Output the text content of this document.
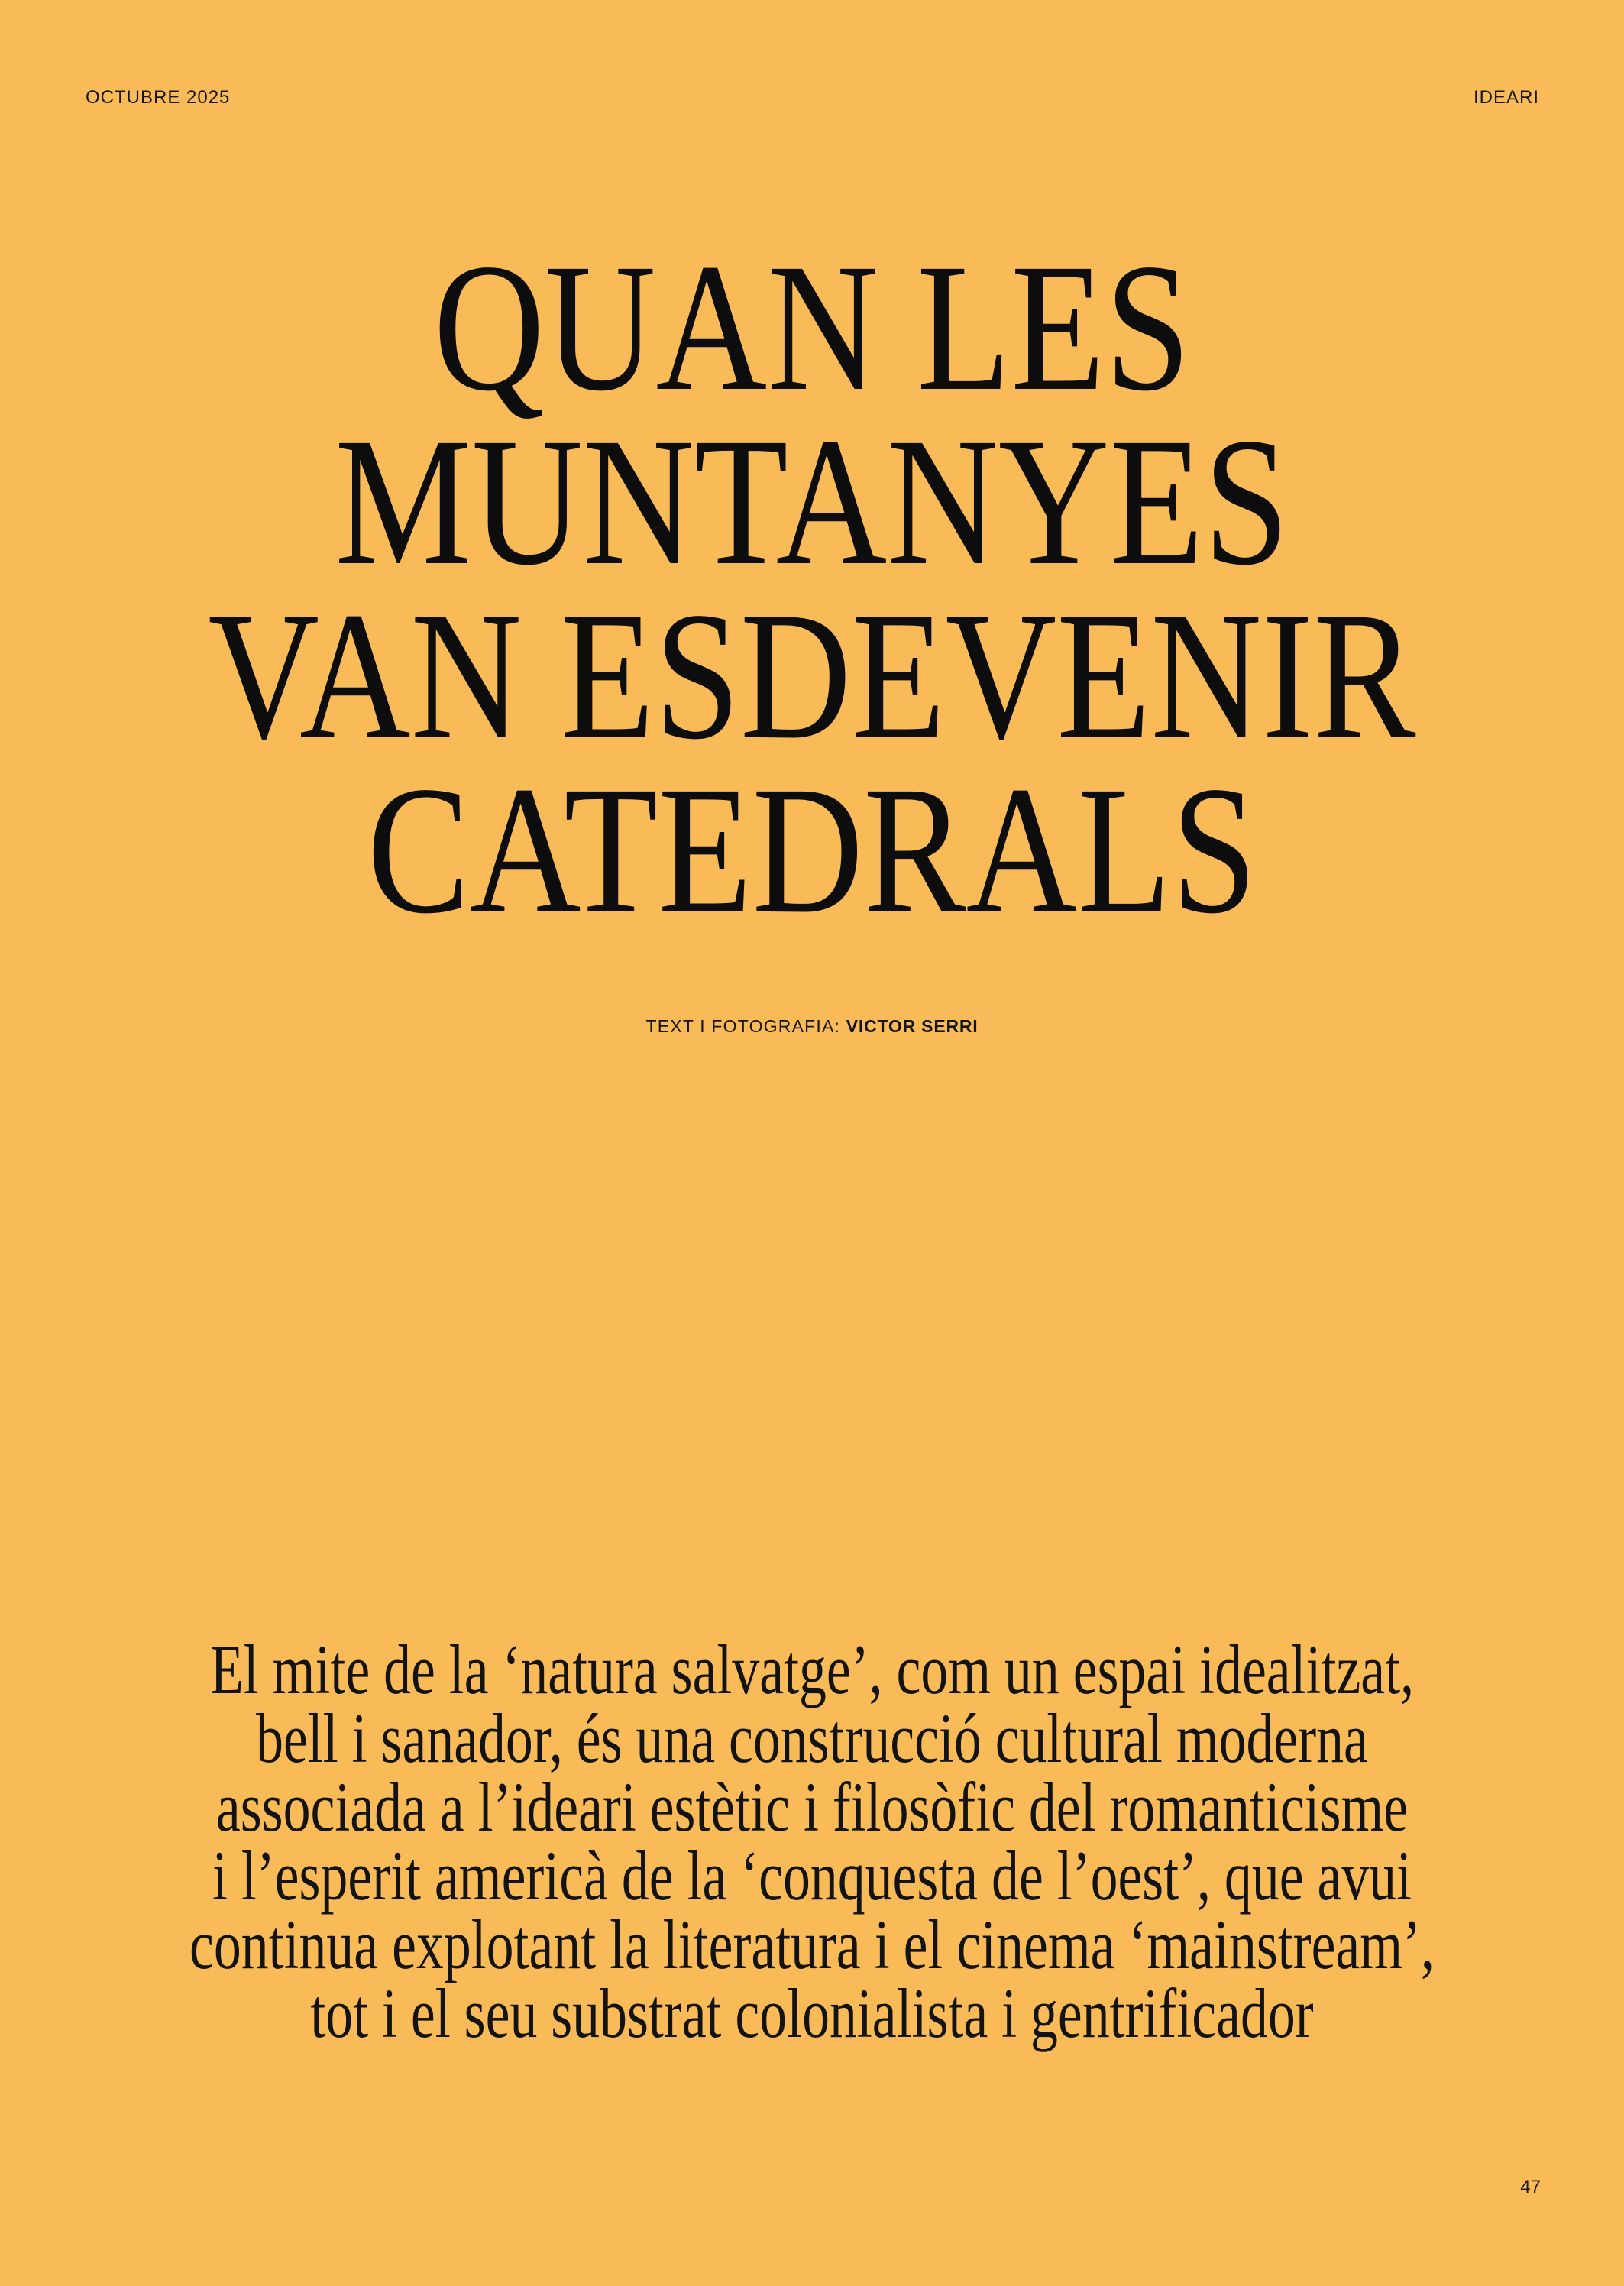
OCTUBRE 2025	IDEARI
QUAN LES
MUNTANYES
VAN ESDEVENIR
CATEDRALS
TEXT I FOTOGRAFIA: VICTOR SERRI
El mite de la ‘natura salvatge’, com un espai idealitzat,
bell i sanador, és una construcció cultural moderna
associada a l’ideari estètic i filosòfic del romanticisme
i l’esperit americà de la ‘conquesta de l’oest’, que avui
continua explotant la literatura i el cinema ‘mainstream’,
tot i el seu substrat colonialista i gentrificador
47
